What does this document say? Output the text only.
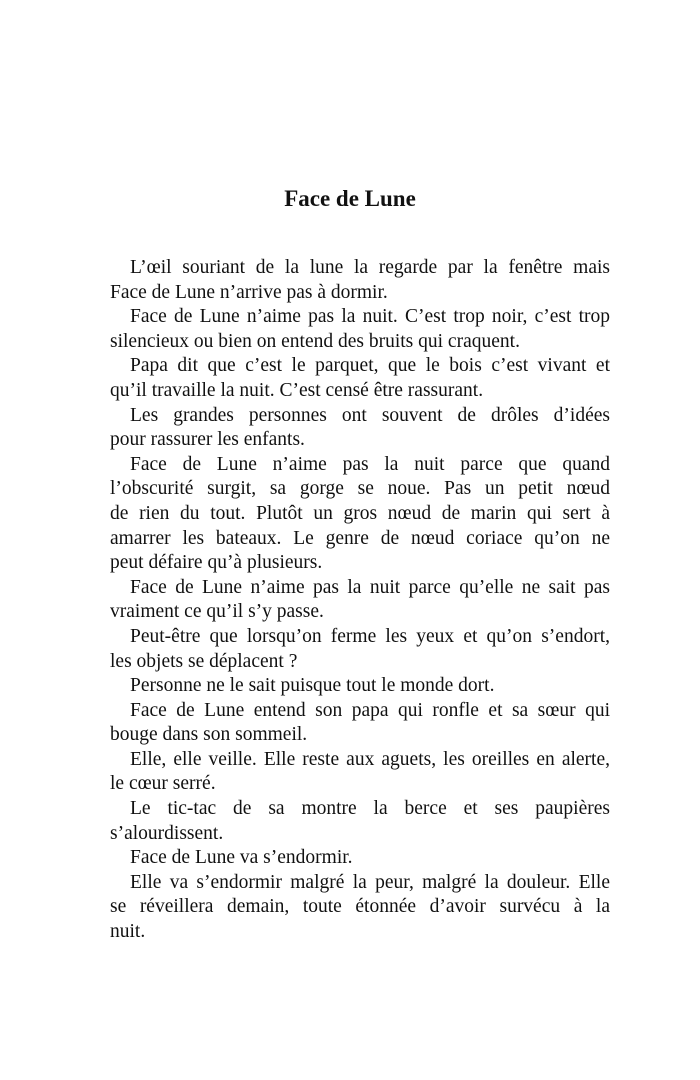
Face de Lune
L’œil souriant de la lune la regarde par la fenêtre mais
Face de Lune n’arrive pas à dormir.
Face de Lune n’aime pas la nuit. C’est trop noir, c’est trop
silencieux ou bien on entend des bruits qui craquent.
Papa dit que c’est le parquet, que le bois c’est vivant et
qu’il travaille la nuit. C’est censé être rassurant.
Les grandes personnes ont souvent de drôles d’idées
pour rassurer les enfants.
Face de Lune n’aime pas la nuit parce que quand
l’obscurité surgit, sa gorge se noue. Pas un petit nœud
de rien du tout. Plutôt un gros nœud de marin qui sert à
amarrer les bateaux. Le genre de nœud coriace qu’on ne
peut défaire qu’à plusieurs.
Face de Lune n’aime pas la nuit parce qu’elle ne sait pas
vraiment ce qu’il s’y passe.
Peut-être que lorsqu’on ferme les yeux et qu’on s’endort,
les objets se déplacent ?
Personne ne le sait puisque tout le monde dort.
Face de Lune entend son papa qui ronfle et sa sœur qui
bouge dans son sommeil.
Elle, elle veille. Elle reste aux aguets, les oreilles en alerte,
le cœur serré.
Le tic-tac de sa montre la berce et ses paupières
s’alourdissent.
Face de Lune va s’endormir.
Elle va s’endormir malgré la peur, malgré la douleur. Elle
se réveillera demain, toute étonnée d’avoir survécu à la
nuit.
